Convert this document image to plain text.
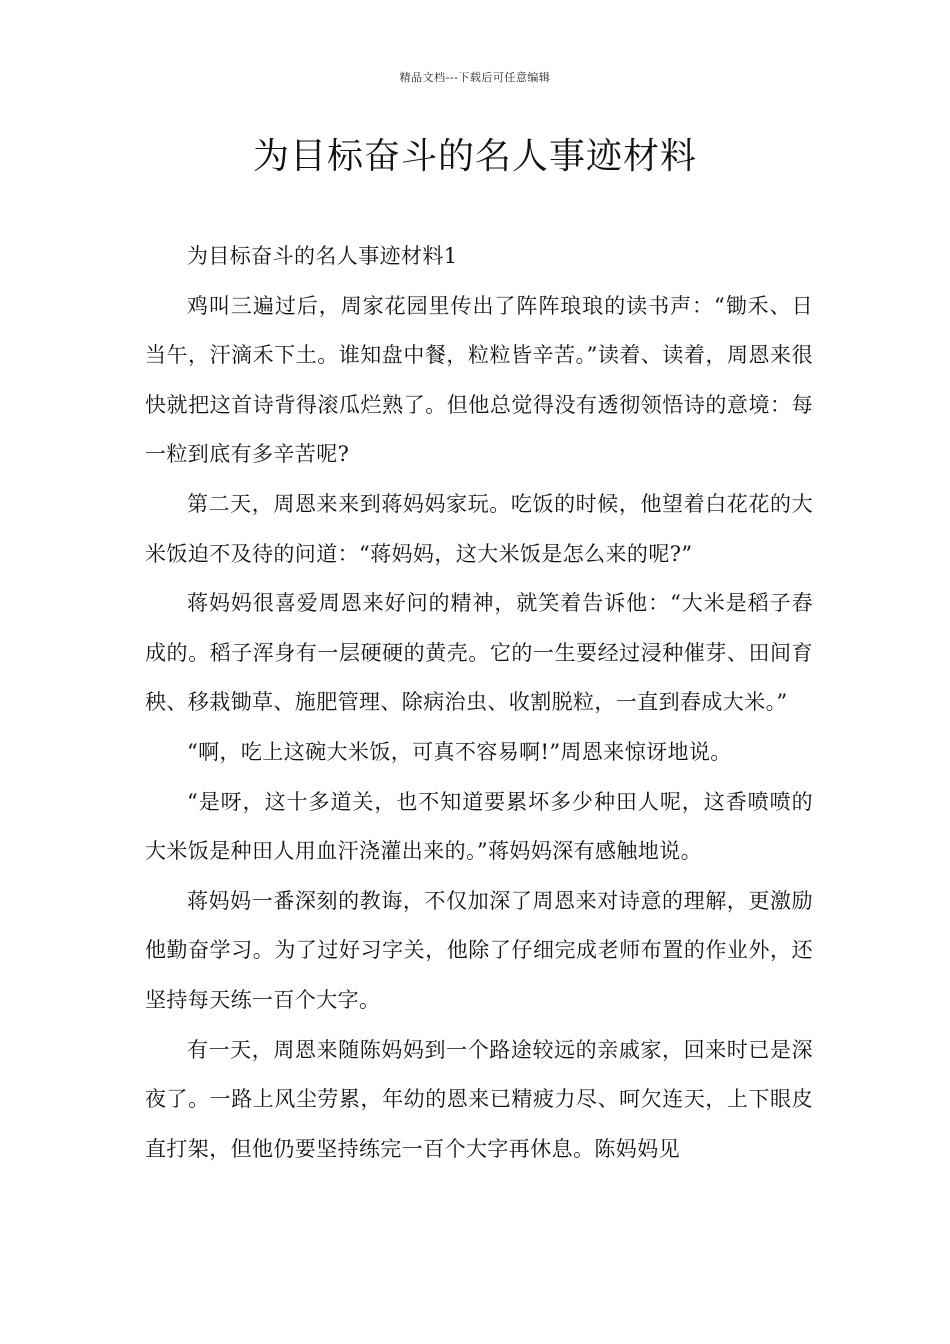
精品文档---下载后可任意编辑
为目标奋斗的名人事迹材料

为目标奋斗的名人事迹材料1

鸡叫三遍过后，周家花园里传出了阵阵琅琅的读书声：“锄禾、日当午，汗滴禾下土。谁知盘中餐，粒粒皆辛苦。”读着、读着，周恩来很快就把这首诗背得滚瓜烂熟了。但他总觉得没有透彻领悟诗的意境：每一粒到底有多辛苦呢?

第二天，周恩来来到蒋妈妈家玩。吃饭的时候，他望着白花花的大米饭迫不及待的问道：“蒋妈妈，这大米饭是怎么来的呢?”

蒋妈妈很喜爱周恩来好问的精神，就笑着告诉他：“大米是稻子舂成的。稻子浑身有一层硬硬的黄壳。它的一生要经过浸种催芽、田间育秧、移栽锄草、施肥管理、除病治虫、收割脱粒，一直到舂成大米。”

“啊，吃上这碗大米饭，可真不容易啊!”周恩来惊讶地说。

“是呀，这十多道关，也不知道要累坏多少种田人呢，这香喷喷的大米饭是种田人用血汗浇灌出来的。”蒋妈妈深有感触地说。

蒋妈妈一番深刻的教诲，不仅加深了周恩来对诗意的理解，更激励他勤奋学习。为了过好习字关，他除了仔细完成老师布置的作业外，还坚持每天练一百个大字。

有一天，周恩来随陈妈妈到一个路途较远的亲戚家，回来时已是深夜了。一路上风尘劳累，年幼的恩来已精疲力尽、呵欠连天，上下眼皮直打架，但他仍要坚持练完一百个大字再休息。陈妈妈见
